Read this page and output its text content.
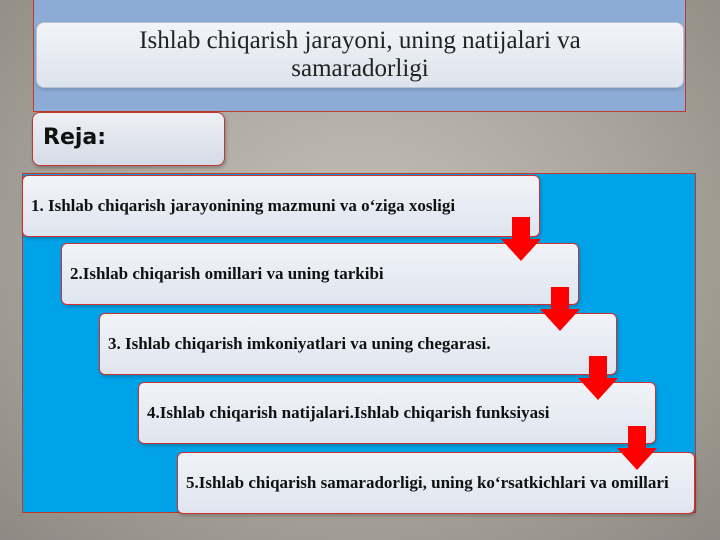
Ishlab chiqarish jarayoni, uning natijalari va samaradorligi
Reja:
1. Ishlab chiqarish jarayonining mazmuni va o‘ziga xosligi
2.Ishlab chiqarish omillari va uning tarkibi
3. Ishlab chiqarish imkoniyatlari va uning chegarasi.
4.Ishlab chiqarish natijalari.Ishlab chiqarish funksiyasi
5.Ishlab chiqarish samaradorligi, uning ko‘rsatkichlari va omillari
